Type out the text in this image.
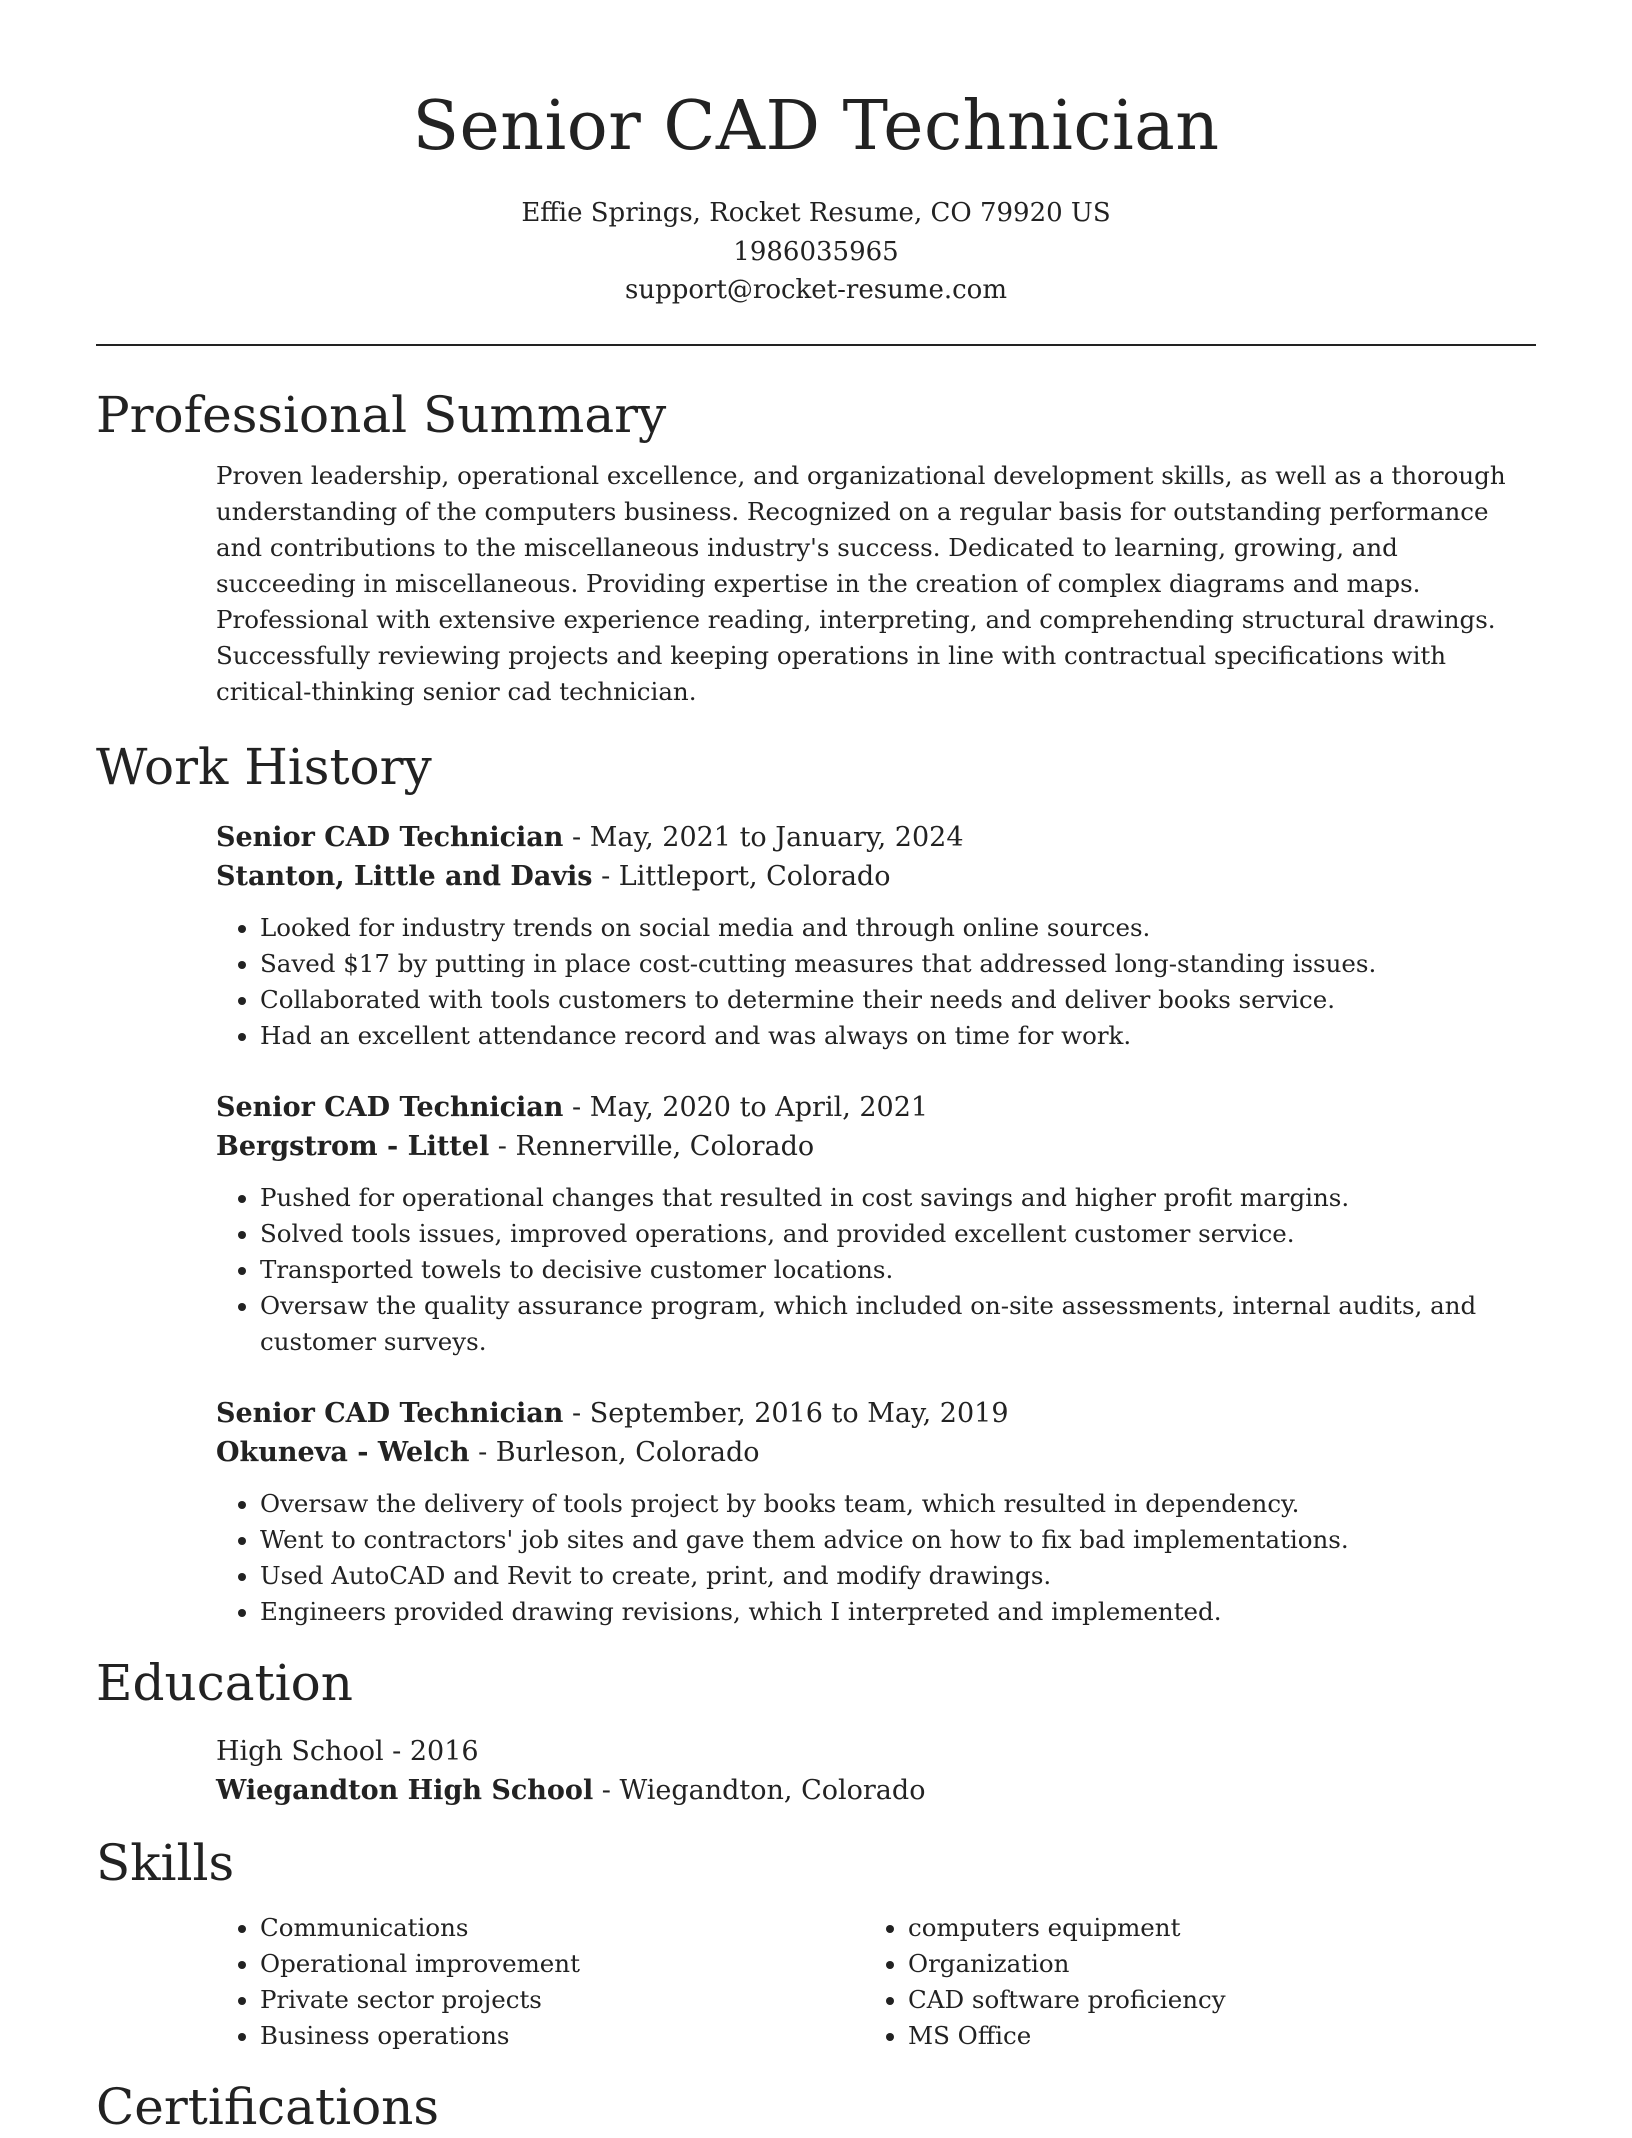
Senior CAD Technician
Effie Springs, Rocket Resume, CO 79920 US
1986035965
support@rocket-resume.com
Professional Summary
Proven leadership, operational excellence, and organizational development skills, as well as a thorough understanding of the computers business. Recognized on a regular basis for outstanding performance and contributions to the miscellaneous industry's success. Dedicated to learning, growing, and succeeding in miscellaneous. Providing expertise in the creation of complex diagrams and maps. Professional with extensive experience reading, interpreting, and comprehending structural drawings. Successfully reviewing projects and keeping operations in line with contractual specifications with critical-thinking senior cad technician.
Work History
Senior CAD Technician - May, 2021 to January, 2024
Stanton, Little and Davis - Littleport, Colorado
• Looked for industry trends on social media and through online sources.
• Saved $17 by putting in place cost-cutting measures that addressed long-standing issues.
• Collaborated with tools customers to determine their needs and deliver books service.
• Had an excellent attendance record and was always on time for work.
Senior CAD Technician - May, 2020 to April, 2021
Bergstrom - Littel - Rennerville, Colorado
• Pushed for operational changes that resulted in cost savings and higher profit margins.
• Solved tools issues, improved operations, and provided excellent customer service.
• Transported towels to decisive customer locations.
• Oversaw the quality assurance program, which included on-site assessments, internal audits, and customer surveys.
Senior CAD Technician - September, 2016 to May, 2019
Okuneva - Welch - Burleson, Colorado
• Oversaw the delivery of tools project by books team, which resulted in dependency.
• Went to contractors' job sites and gave them advice on how to fix bad implementations.
• Used AutoCAD and Revit to create, print, and modify drawings.
• Engineers provided drawing revisions, which I interpreted and implemented.
Education
High School - 2016
Wiegandton High School - Wiegandton, Colorado
Skills
• Communications
• Operational improvement
• Private sector projects
• Business operations
• computers equipment
• Organization
• CAD software proficiency
• MS Office
Certifications
